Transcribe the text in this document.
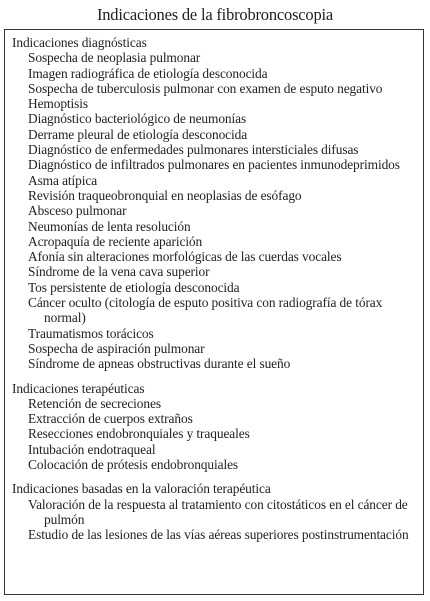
Indicaciones de la fibrobroncoscopia
Indicaciones diagnósticas
Sospecha de neoplasia pulmonar
Imagen radiográfica de etiología desconocida
Sospecha de tuberculosis pulmonar con examen de esputo negativo
Hemoptisis
Diagnóstico bacteriológico de neumonías
Derrame pleural de etiología desconocida
Diagnóstico de enfermedades pulmonares intersticiales difusas
Diagnóstico de infiltrados pulmonares en pacientes inmunodeprimidos
Asma atípica
Revisión traqueobronquial en neoplasias de esófago
Absceso pulmonar
Neumonías de lenta resolución
Acropaquía de reciente aparición
Afonía sin alteraciones morfológicas de las cuerdas vocales
Síndrome de la vena cava superior
Tos persistente de etiología desconocida
Cáncer oculto (citología de esputo positiva con radiografía de tórax normal)
Traumatismos torácicos
Sospecha de aspiración pulmonar
Síndrome de apneas obstructivas durante el sueño
Indicaciones terapéuticas
Retención de secreciones
Extracción de cuerpos extraños
Resecciones endobronquiales y traqueales
Intubación endotraqueal
Colocación de prótesis endobronquiales
Indicaciones basadas en la valoración terapéutica
Valoración de la respuesta al tratamiento con citostáticos en el cáncer de pulmón
Estudio de las lesiones de las vías aéreas superiores postinstrumentación
